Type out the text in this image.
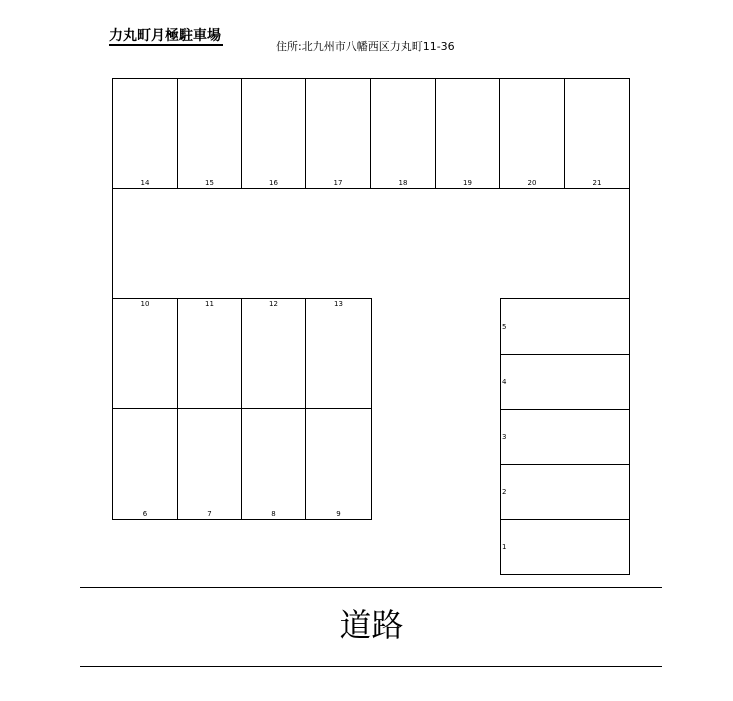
力丸町月極駐車場
住所:北九州市八幡西区力丸町11-36
14	15	16	17	18	19	20	21
10	11	12	13
6	7	8	9
5
4
3
2
1
道路
